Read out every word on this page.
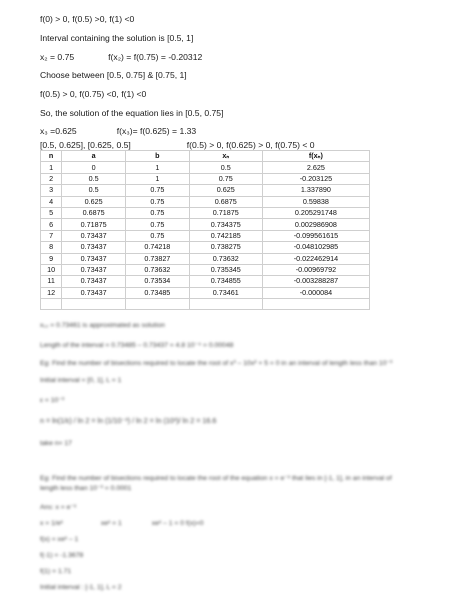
f(0) > 0, f(0.5) >0, f(1) <0
Interval containing the solution is [0.5, 1]
x₂ = 0.75	f(x₂) = f(0.75) = -0.20312
Choose between [0.5, 0.75] & [0.75, 1]
f(0.5) > 0, f(0.75) <0, f(1) <0
So, the solution of the equation lies in [0.5, 0.75]
x₃ =0.625	f(x₃)= f(0.625) = 1.33
[0.5, 0.625], [0.625, 0.5]	f(0.5) > 0, f(0.625) > 0, f(0.75) < 0
n	a	b	xₙ	f(xₙ)
1	0	1	0.5	2.625
2	0.5	1	0.75	-0.203125
3	0.5	0.75	0.625	1.337890
4	0.625	0.75	0.6875	0.59838
5	0.6875	0.75	0.71875	0.205291748
6	0.71875	0.75	0.734375	0.002986908
7	0.73437	0.75	0.742185	-0.099561615
8	0.73437	0.74218	0.738275	-0.048102985
9	0.73437	0.73827	0.73632	-0.022462914
10	0.73437	0.73632	0.735345	-0.00969792
11	0.73437	0.73534	0.734855	-0.003288287
12	0.73437	0.73485	0.73461	-0.000084

x₁₂ = 0.73461 is approximated as solution
Length of the interval = 0.73485 – 0.73437 = 4.8 10⁻⁴ = 0.00048
Eg: Find the number of bisections required to locate the root of x³ – 10x² + 5 = 0 in an interval of length less than 10⁻³
Initial interval = [0, 1], L = 1
ε = 10⁻³
n = ln(1/ε) / ln 2 = ln (1/10⁻³) / ln 2 = ln (10³)/ ln 2 = 16.6
take n= 17
Eg: Find the number of bisections required to locate the root of the equation x = e⁻ˣ that lies in [-1, 1], in an interval of
length less than 10⁻³ = 0.0001
Ans: x = e⁻ˣ
x = 1/eˣ	xeˣ = 1	xeˣ – 1 = 0 f(x)=0
f(x) = xeˣ – 1
f(-1) = -1.3678
f(1) = 1.71
Initial interval : [-1, 1], L = 2
